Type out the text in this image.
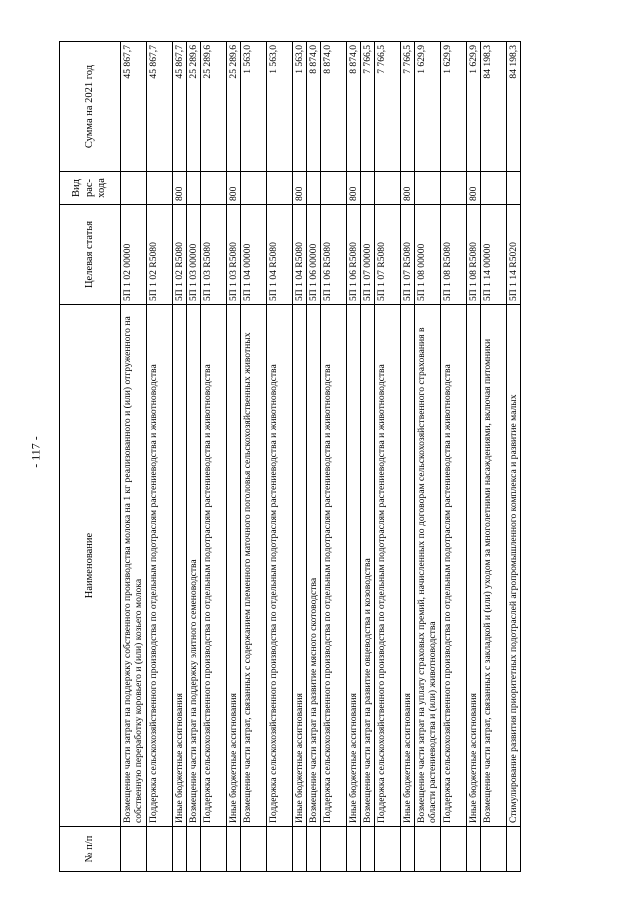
- 117 -
№ п/п	Наименование	Целевая статья	Вид рас-хода	Сумма на 2021 год
	Возмещение части затрат на поддержку собственного производства молока на 1 кг реализованного и (или) отгруженного на собственную переработку коровьего и (или) козьего молока	5П 1 02 00000		45 867,7
	Поддержка сельскохозяйственного производства по отдельным подотраслям растениеводства и животноводства	5П 1 02 R5080		45 867,7
	Иные бюджетные ассигнования	5П 1 02 R5080	800	45 867,7
	Возмещение части затрат на поддержку элитного семеноводства	5П 1 03 00000		25 289,6
	Поддержка сельскохозяйственного производства по отдельным подотраслям растениеводства и животноводства	5П 1 03 R5080		25 289,6
	Иные бюджетные ассигнования	5П 1 03 R5080	800	25 289,6
	Возмещение части затрат, связанных с содержанием племенного маточного поголовья сельскохозяйственных животных	5П 1 04 00000		1 563,0
	Поддержка сельскохозяйственного производства по отдельным подотраслям растениеводства и животноводства	5П 1 04 R5080		1 563,0
	Иные бюджетные ассигнования	5П 1 04 R5080	800	1 563,0
	Возмещение части затрат на развитие мясного скотоводства	5П 1 06 00000		8 874,0
	Поддержка сельскохозяйственного производства по отдельным подотраслям растениеводства и животноводства	5П 1 06 R5080		8 874,0
	Иные бюджетные ассигнования	5П 1 06 R5080	800	8 874,0
	Возмещение части затрат на развитие овцеводства и козоводства	5П 1 07 00000		7 766,5
	Поддержка сельскохозяйственного производства по отдельным подотраслям растениеводства и животноводства	5П 1 07 R5080		7 766,5
	Иные бюджетные ассигнования	5П 1 07 R5080	800	7 766,5
	Возмещение части затрат на уплату страховых премий, начисленных по договорам сельскохозяйственного страхования в области растениеводства и (или) животноводства	5П 1 08 00000		1 629,9
	Поддержка сельскохозяйственного производства по отдельным подотраслям растениеводства и животноводства	5П 1 08 R5080		1 629,9
	Иные бюджетные ассигнования	5П 1 08 R5080	800	1 629,9
	Возмещение части затрат, связанных с закладкой и (или) уходом за многолетними насаждениями, включая питомники	5П 1 14 00000		84 198,3
	Стимулирование развития приоритетных подотраслей агропромышленного комплекса и развитие малых	5П 1 14 R5020		84 198,3
